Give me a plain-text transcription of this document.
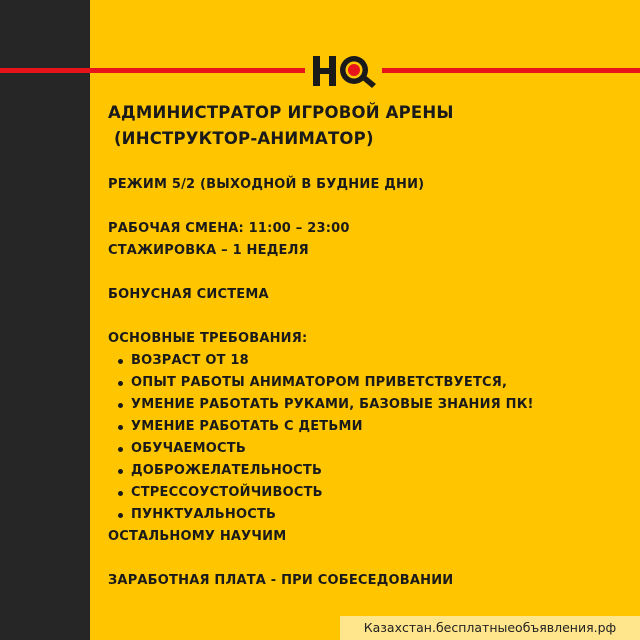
АДМИНИСТРАТОР ИГРОВОЙ АРЕНЫ

(ИНСТРУКТОР-АНИМАТОР)

РЕЖИМ 5/2 (ВЫХОДНОЙ В БУДНИЕ ДНИ)

РАБОЧАЯ СМЕНА: 11:00 – 23:00

СТАЖИРОВКА – 1 НЕДЕЛЯ

БОНУСНАЯ СИСТЕМА

ОСНОВНЫЕ ТРЕБОВАНИЯ:

ВОЗРАСТ ОТ 18
ОПЫТ РАБОТЫ АНИМАТОРОМ ПРИВЕТСТВУЕТСЯ,
УМЕНИЕ РАБОТАТЬ РУКАМИ, БАЗОВЫЕ ЗНАНИЯ ПК!
УМЕНИЕ РАБОТАТЬ С ДЕТЬМИ
ОБУЧАЕМОСТЬ
ДОБРОЖЕЛАТЕЛЬНОСТЬ
СТРЕССОУСТОЙЧИВОСТЬ
ПУНКТУАЛЬНОСТЬ

ОСТАЛЬНОМУ НАУЧИМ

ЗАРАБОТНАЯ ПЛАТА - ПРИ СОБЕСЕДОВАНИИ

Казахстан.бесплатныеобъявления.рф
